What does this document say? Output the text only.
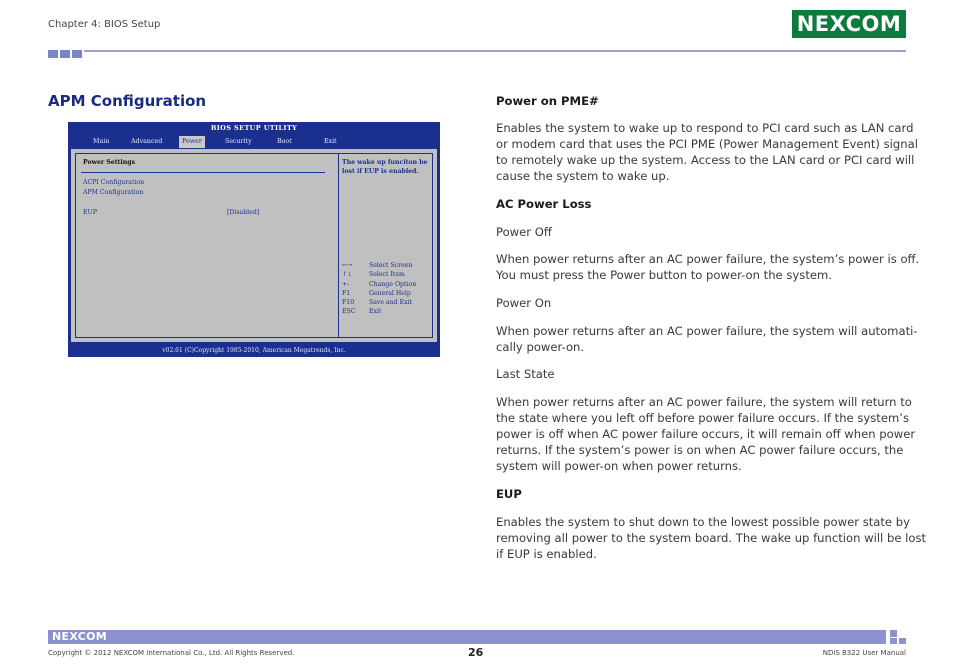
Chapter 4: BIOS Setup	NEXCOM
APM Configuration
BIOS SETUP UTILITY
Main	Advanced	Power	Security	Boot	Exit
Power Settings
ACPI Configuration
APM Configuration
EUP	[Disabled]
The wake up funciton be
lost if EUP is enabled.
←→	Select Screen
↑↓	Select Item
+-	Change Option
F1	General Help
F10 Save and Exit
ESC Exit
v02.61 (C)Copyright 1985-2010, American Megatrends, Inc.
Power on PME#
Enables the system to wake up to respond to PCI card such as LAN card
or modem card that uses the PCI PME (Power Management Event) signal
to remotely wake up the system. Access to the LAN card or PCI card will
cause the system to wake up.
AC Power Loss
Power Off
When power returns after an AC power failure, the system’s power is off.
You must press the Power button to power-on the system.
Power On
When power returns after an AC power failure, the system will automati-
cally power-on.
Last State
When power returns after an AC power failure, the system will return to
the state where you left off before power failure occurs. If the system’s
power is off when AC power failure occurs, it will remain off when power
returns. If the system’s power is on when AC power failure occurs, the
system will power-on when power returns.
EUP
Enables the system to shut down to the lowest possible power state by
removing all power to the system board. The wake up function will be lost
if EUP is enabled.
NEXCOM
Copyright © 2012 NEXCOM International Co., Ltd. All Rights Reserved.	26	NDiS B322 User Manual
